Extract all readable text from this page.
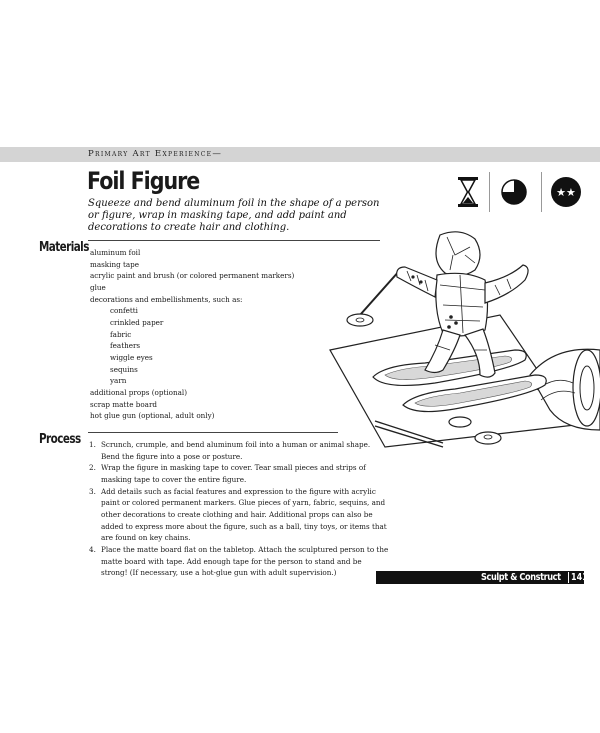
Primary Art Experience—
Foil Figure
Squeeze and bend aluminum foil in the shape of a person or figure, wrap in masking tape, and add paint and decorations to create hair and clothing.
★★
Materials aluminum foil
masking tape
acrylic paint and brush (or colored permanent markers)
glue
decorations and embellishments, such as:
confetti
crinkled paper
fabric
feathers
wiggle eyes
sequins
yarn
additional props (optional)
scrap matte board
hot glue gun (optional, adult only)
Process 1. Scrunch, crumple, and bend aluminum foil into a human or animal shape. Bend the figure into a pose or posture.
2. Wrap the figure in masking tape to cover. Tear small pieces and strips of masking tape to cover the entire figure.
3. Add details such as facial features and expression to the figure with acrylic paint or colored permanent markers. Glue pieces of yarn, fabric, sequins, and other decorations to create clothing and hair. Additional props can also be added to express more about the figure, such as a ball, tiny toys, or items that are found on key chains.
4. Place the matte board flat on the tabletop. Attach the sculptured person to the matte board with tape. Add enough tape for the person to stand and be strong! (If necessary, use a hot-glue gun with adult supervision.)	Sculpt & Construct 141
